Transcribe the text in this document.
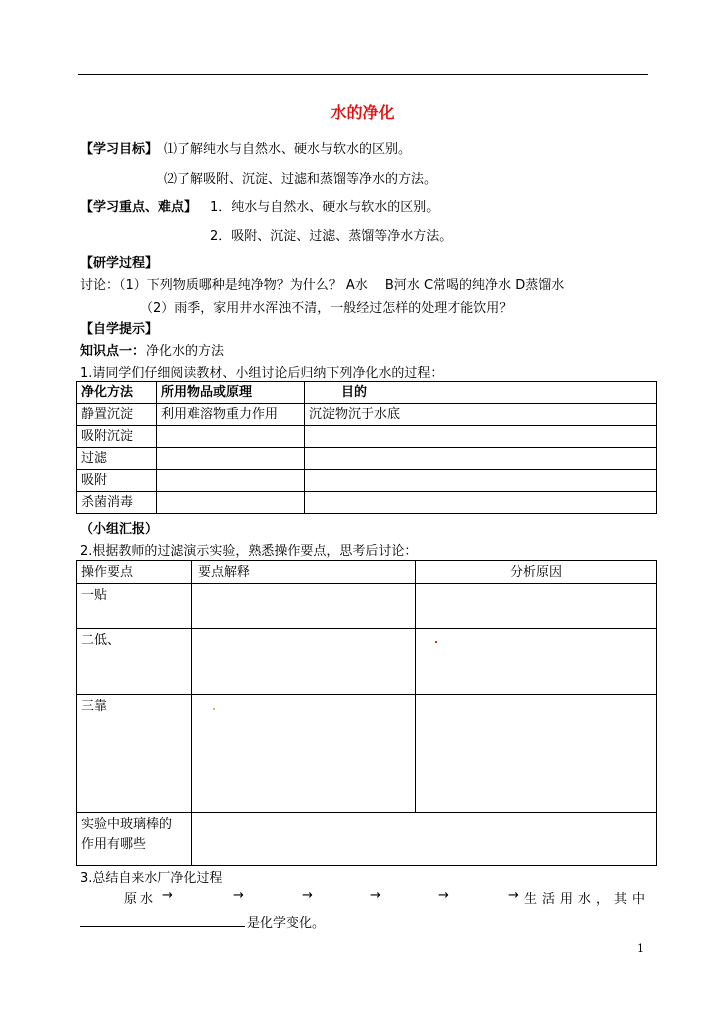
水的净化
【学习目标】 ⑴了解纯水与自然水、硬水与软水的区别。
⑵了解吸附、沉淀、过滤和蒸馏等净水的方法。
【学习重点、难点】 1．纯水与自然水、硬水与软水的区别。
2．吸附、沉淀、过滤、蒸馏等净水方法。
【研学过程】
讨论：（1）下列物质哪种是纯净物？为什么？ A水　 B河水 C常喝的纯净水 D蒸馏水
（2）雨季，家用井水浑浊不清，一般经过怎样的处理才能饮用？
【自学提示】
知识点一： 净化水的方法
1.请同学们仔细阅读教材、小组讨论后归纳下列净化水的过程：
净化方法	所用物品或原理	目的
静置沉淀	利用难溶物重力作用	沉淀物沉于水底
吸附沉淀		
过滤		
吸附		
杀菌消毒		
（小组汇报）
2.根据教师的过滤演示实验，熟悉操作要点，思考后讨论：
操作要点	要点解释	分析原因
一贴		
二低、		
三靠		

实验中玻璃棒的
作用有哪些		

3.总结自来水厂净化过程
原水 →	→	→	→	→	→ 生活用水，其中
是化学变化。
1
